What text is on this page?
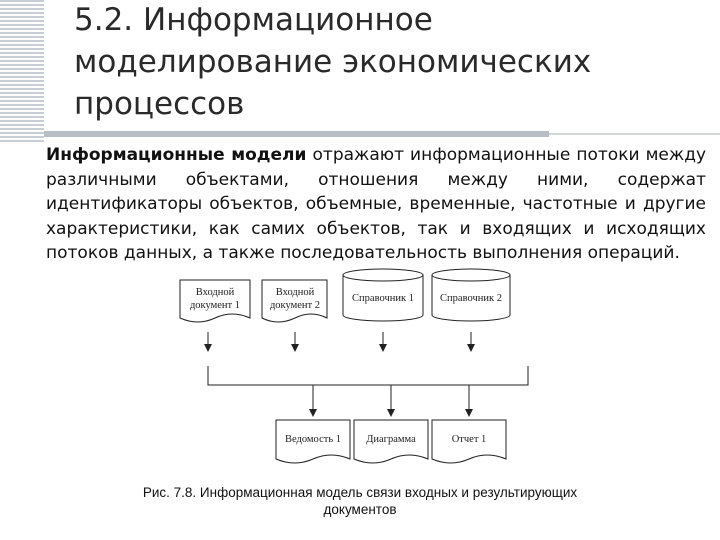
5.2. Информационное
моделирование экономических
процессов
Информационные модели отражают информационные потоки между различными объектами, отношения между ними, содержат идентификаторы объектов, объемные, временные, частотные и другие характеристики, как самих объектов, так и входящих и исходящих потоков данных, а также последовательность выполнения операций.
Входной
документ 1
Входной
документ 2
Справочник 1 Справочник 2
Ведомость 1 Диаграмма	Отчет 1
Рис. 7.8. Информационная модель связи входных и результирующих
документов
